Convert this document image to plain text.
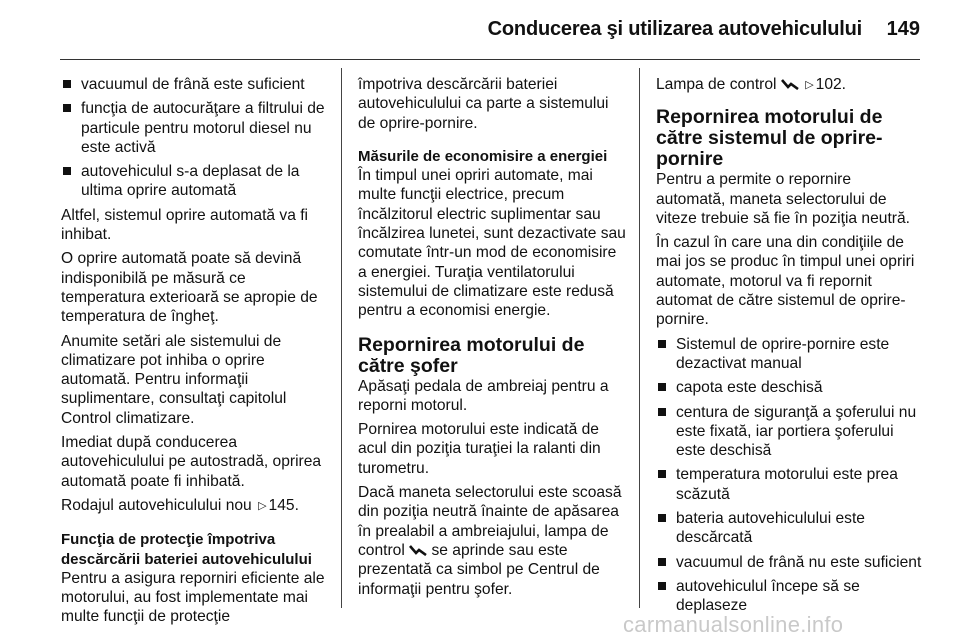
Conducerea şi utilizarea autovehiculului 149
vacuumul de frână este suficient
funcţia de autocurăţare a filtrului de particule pentru motorul diesel nu este activă
autovehiculul s-a deplasat de la ultima oprire automată
Altfel, sistemul oprire automată va fi inhibat.
O oprire automată poate să devină indisponibilă pe măsură ce temperatura exterioară se apropie de temperatura de îngheţ.
Anumite setări ale sistemului de climatizare pot inhiba o oprire automată. Pentru informaţii suplimentare, consultaţi capitolul Control climatizare.
Imediat după conducerea autovehiculului pe autostradă, oprirea automată poate fi inhibată.
Rodajul autovehiculului nou ▷ 145.
Funcţia de protecţie împotriva descărcării bateriei autovehiculului
Pentru a asigura reporniri eficiente ale motorului, au fost implementate mai multe funcţii de protecţie
împotriva descărcării bateriei autovehiculului ca parte a sistemului de oprire-pornire.
Măsurile de economisire a energiei
În timpul unei opriri automate, mai multe funcţii electrice, precum încălzitorul electric suplimentar sau încălzirea lunetei, sunt dezactivate sau comutate într-un mod de economisire a energiei. Turaţia ventilatorului sistemului de climatizare este redusă pentru a economisi energie.
Repornirea motorului de către şofer
Apăsaţi pedala de ambreiaj pentru a reporni motorul.
Pornirea motorului este indicată de acul din poziţia turaţiei la ralanti din turometru.
Dacă maneta selectorului este scoasă din poziţia neutră înainte de apăsarea în prealabil a ambreiajului, lampa de control se aprinde sau este prezentată ca simbol pe Centrul de informaţii pentru şofer.
Lampa de control	▷ 102.
Repornirea motorului de către sistemul de oprire-pornire
Pentru a permite o repornire automată, maneta selectorului de viteze trebuie să fie în poziţia neutră.
În cazul în care una din condiţiile de mai jos se produc în timpul unei opriri automate, motorul va fi repornit automat de către sistemul de oprire-pornire.
Sistemul de oprire-pornire este dezactivat manual
capota este deschisă
centura de siguranţă a şoferului nu este fixată, iar portiera şoferului este deschisă
temperatura motorului este prea scăzută
bateria autovehiculului este descărcată
vacuumul de frână nu este suficient
autovehiculul începe să se deplaseze
carmanualsonline.info
